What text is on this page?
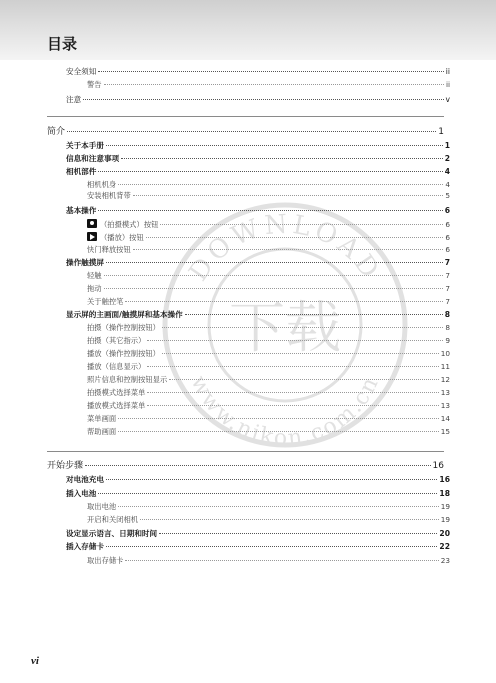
目录
DOWNLOAD
www.nikon.com.cn
下载
安全须知	ii
警告	ii
注意	v
简介	1
关于本手册	1
信息和注意事项	2
相机部件	4
相机机身	4
安装相机背带	5
基本操作	6
（拍摄模式）按钮	6
（播放）按钮	6
快门释放按钮	6
操作触摸屏	7
轻触	7
拖动	7
关于触控笔	7
显示屏的主画面/触摸屏和基本操作	8
拍摄（操作控制按钮）	8
拍摄（其它指示）	9
播放（操作控制按钮）	10
播放（信息显示）	11
照片信息和控制按钮显示	12
拍摄模式选择菜单	13
播放模式选择菜单	13
菜单画面	14
帮助画面	15
开始步骤	16
对电池充电	16
插入电池	18
取出电池	19
开启和关闭相机	19
设定显示语言、日期和时间	20
插入存储卡	22
取出存储卡	23
vi
